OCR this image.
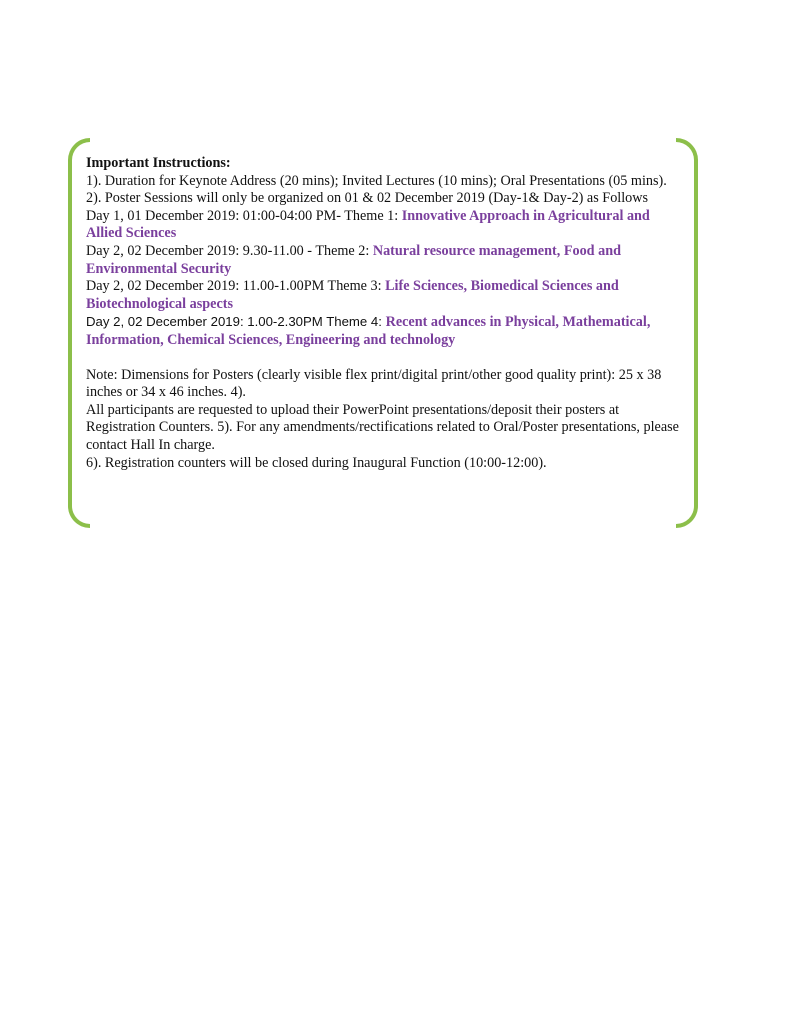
Important Instructions:

1). Duration for Keynote Address (20 mins); Invited Lectures (10 mins); Oral Presentations (05 mins).

2). Poster Sessions will only be organized on 01 & 02 December 2019 (Day-1& Day-2) as Follows

Day 1, 01 December 2019: 01:00-04:00 PM- Theme 1: Innovative Approach in Agricultural and Allied Sciences

Day 2, 02 December 2019: 9.30-11.00 - Theme 2: Natural resource management, Food and Environmental Security

Day 2, 02 December 2019: 11.00-1.00PM Theme 3: Life Sciences, Biomedical Sciences and Biotechnological aspects

Day 2, 02 December 2019: 1.00-2.30PM Theme 4: Recent advances in Physical, Mathematical, Information, Chemical Sciences, Engineering and technology

Note: Dimensions for Posters (clearly visible flex print/digital print/other good quality print): 25 x 38 inches or 34 x 46 inches. 4).

All participants are requested to upload their PowerPoint presentations/deposit their posters at Registration Counters. 5). For any amendments/rectifications related to Oral/Poster presentations, please contact Hall In charge.

6). Registration counters will be closed during Inaugural Function (10:00-12:00).
